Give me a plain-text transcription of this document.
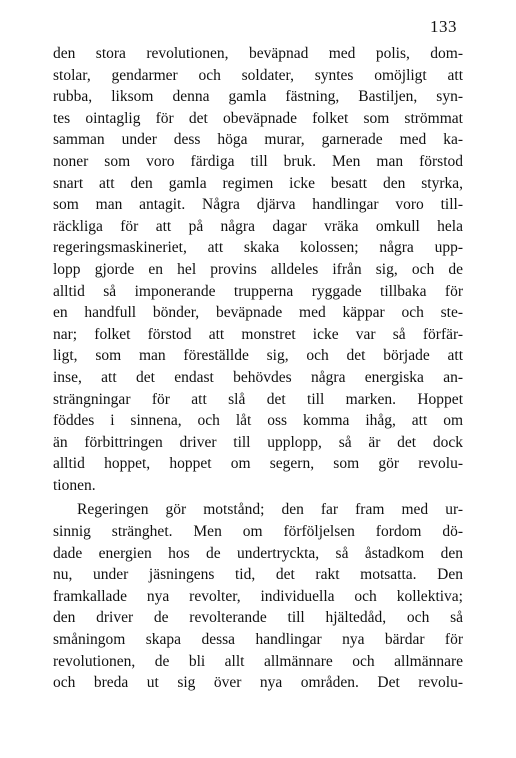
133
den stora revolutionen, beväpnad med polis, dom-
stolar, gendarmer och soldater, syntes omöjligt att
rubba, liksom denna gamla fästning, Bastiljen, syn-
tes ointaglig för det obeväpnade folket som strömmat
samman under dess höga murar, garnerade med ka-
noner som voro färdiga till bruk. Men man förstod
snart att den gamla regimen icke besatt den styrka,
som man antagit. Några djärva handlingar voro till-
räckliga för att på några dagar vräka omkull hela
regeringsmaskineriet, att skaka kolossen; några upp-
lopp gjorde en hel provins alldeles ifrån sig, och de
alltid så imponerande trupperna ryggade tillbaka för
en handfull bönder, beväpnade med käppar och ste-
nar; folket förstod att monstret icke var så förfär-
ligt, som man föreställde sig, och det började att
inse, att det endast behövdes några energiska an-
strängningar för att slå det till marken. Hoppet
föddes i sinnena, och låt oss komma ihåg, att om
än förbittringen driver till upplopp, så är det dock
alltid hoppet, hoppet om segern, som gör revolu-
tionen.
Regeringen gör motstånd; den far fram med ur-
sinnig stränghet. Men om förföljelsen fordom dö-
dade energien hos de undertryckta, så åstadkom den
nu, under jäsningens tid, det rakt motsatta. Den
framkallade nya revolter, individuella och kollektiva;
den driver de revolterande till hjältedåd, och så
småningom skapa dessa handlingar nya bärdar för
revolutionen, de bli allt allmännare och allmännare
och breda ut sig över nya områden. Det revolu-
